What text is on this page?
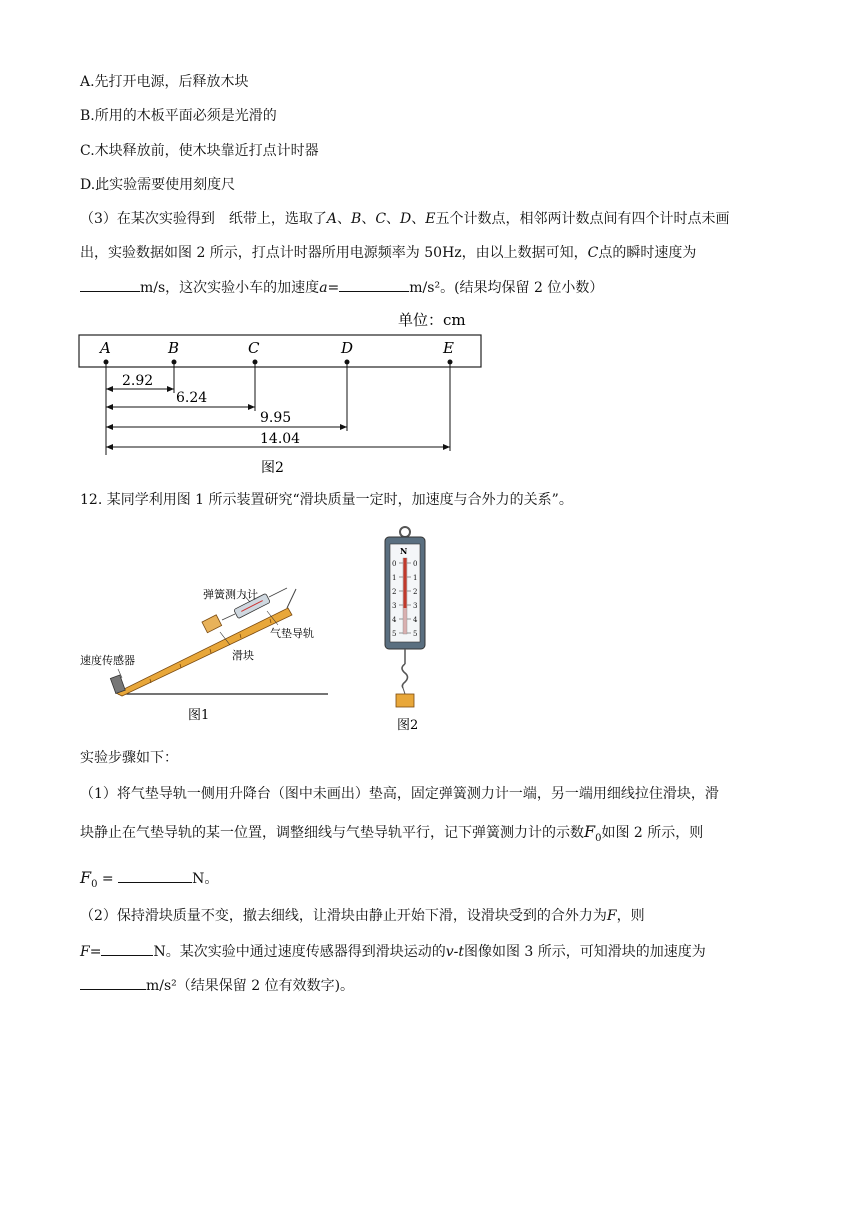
A.先打开电源，后释放木块
B.所用的木板平面必须是光滑的
C.木块释放前，使木块靠近打点计时器
D.此实验需要使用刻度尺
（3）在某次实验得到　纸带上，选取了A、B、C、D、E五个计数点，相邻两计数点间有四个计时点未画
出，实验数据如图 2 所示，打点计时器所用电源频率为 50Hz，由以上数据可知，C点的瞬时速度为
m/s，这次实验小车的加速度a=	m/s²。(结果均保留 2 位小数）
单位：cm
A	B	C	D	E
2.92
6.24
9.95
14.04
图2
12. 某同学利用图 1 所示装置研究“滑块质量一定时，加速度与合外力的关系”。
弹簧测力计
气垫导轨
滑块
速度传感器
图1
N
0
1
2
3
4
5
0
1
2
3
4
5
图2
实验步骤如下：
（1）将气垫导轨一侧用升降台（图中未画出）垫高，固定弹簧测力计一端，另一端用细线拉住滑块，滑
块静止在气垫导轨的某一位置，调整细线与气垫导轨平行，记下弹簧测力计的示数$F_0$如图 2 所示，则
$F_0$ =	N。
（2）保持滑块质量不变，撤去细线，让滑块由静止开始下滑，设滑块受到的合外力为F，则
F=	N。某次实验中通过速度传感器得到滑块运动的v-t图像如图 3 所示，可知滑块的加速度为
m/s²（结果保留 2 位有效数字)。
